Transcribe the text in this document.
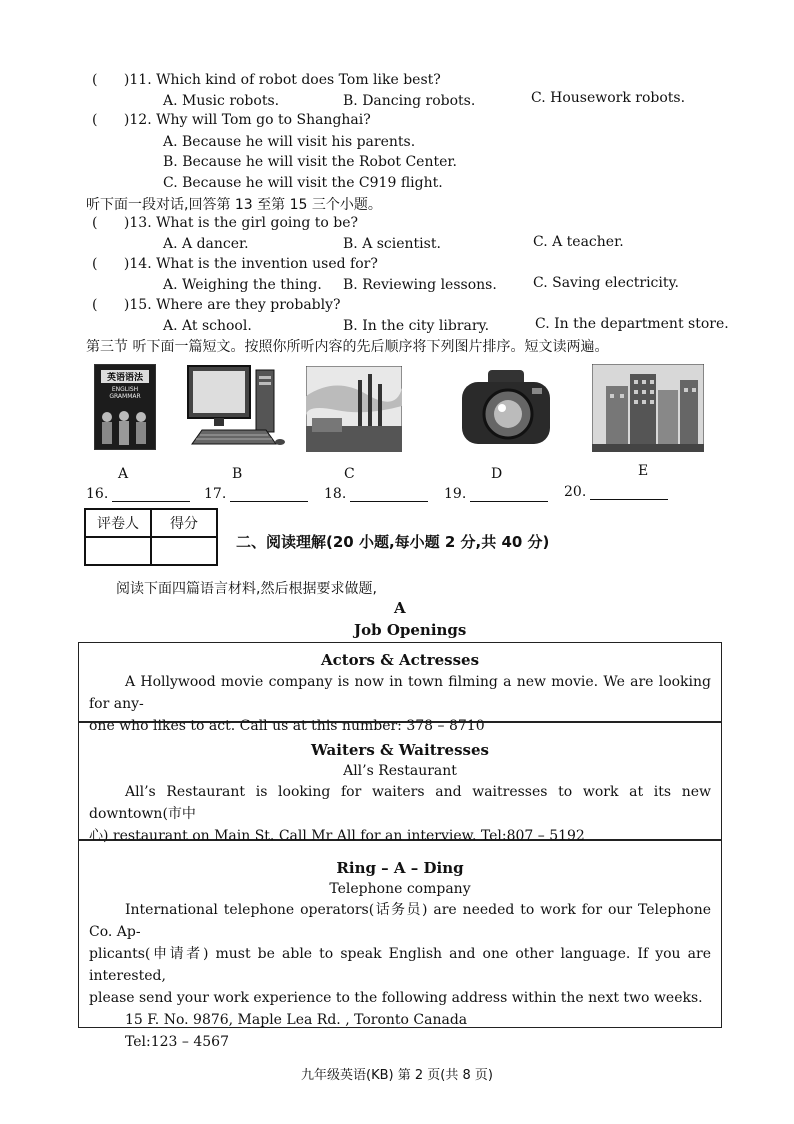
( )11. Which kind of robot does Tom like best?
A. Music robots.	B. Dancing robots.	C. Housework robots.
( )12. Why will Tom go to Shanghai?
A. Because he will visit his parents.
B. Because he will visit the Robot Center.
C. Because he will visit the C919 flight.
听下面一段对话,回答第 13 至第 15 三个小题。
( )13. What is the girl going to be?
A. A dancer.	B. A scientist.	C. A teacher.
( )14. What is the invention used for?
A. Weighing the thing. B. Reviewing lessons.	C. Saving electricity.
( )15. Where are they probably?
A. At school.	B. In the city library.	C. In the department store.
第三节 听下面一篇短文。按照你所听内容的先后顺序将下列图片排序。短文读两遍。
英语语法
ENGLISH GRAMMAR
A	B	C	D	E
16.	17.	18.	19.	20.
评卷人	得分

二、阅读理解(20 小题,每小题 2 分,共 40 分)
阅读下面四篇语言材料,然后根据要求做题,
A
Job Openings
Actors & Actresses
A Hollywood movie company is now in town filming a new movie. We are looking for any-
one who likes to act. Call us at this number: 378 – 8710
Waiters & Waitresses
All’s Restaurant
All’s Restaurant is looking for waiters and waitresses to work at its new downtown(市中
心) restaurant on Main St. Call Mr All for an interview. Tel:807 – 5192
Ring – A – Ding
Telephone company
International telephone operators(话务员) are needed to work for our Telephone Co. Ap-
plicants(申请者) must be able to speak English and one other language. If you are interested,
please send your work experience to the following address within the next two weeks.
15 F. No. 9876, Maple Lea Rd. , Toronto Canada
Tel:123 – 4567
九年级英语(KB) 第 2 页(共 8 页)
